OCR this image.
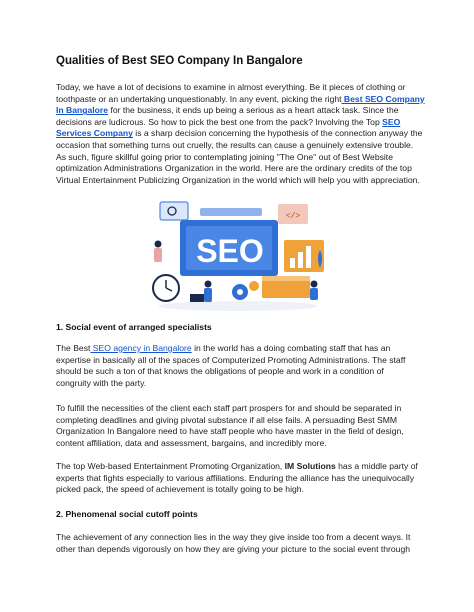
Qualities of Best SEO Company In Bangalore

Today, we have a lot of decisions to examine in almost everything. Be it pieces of clothing or
toothpaste or an undertaking unquestionably. In any event, picking the right Best SEO Company
In Bangalore for the business, it ends up being a serious as a heart attack task. Since the
decisions are ludicrous. So how to pick the best one from the pack? Involving the Top SEO
Services Company is a sharp decision concerning the hypothesis of the connection anyway the
occasion that something turns out cruelly, the results can cause a genuinely extensive trouble.
As such, figure skillful going prior to contemplating joining "The One" out of Best Website
optimization Administrations Organization in the world. Here are the ordinary credits of the top
Virtual Entertainment Publicizing Organization in the world which will help you with appreciation.

SEO
</>
1. Social event of arranged specialists

The Best SEO agency in Bangalore in the world has a doing combating staff that has an
expertise in basically all of the spaces of Computerized Promoting Administrations. The staff
should be such a ton of that knows the obligations of people and work in a condition of
congruity with the party.

To fulfill the necessities of the client each staff part prospers for and should be separated in
completing deadlines and giving pivotal substance if all else fails. A persuading Best SMM
Organization In Bangalore need to have staff people who have master in the field of design,
content affiliation, data and assessment, bargains, and incredibly more.

The top Web-based Entertainment Promoting Organization, IM Solutions has a middle party of
experts that fights especially to various affiliations. Enduring the alliance has the unequivocally
picked pack, the speed of achievement is totally going to be high.

2. Phenomenal social cutoff points

The achievement of any connection lies in the way they give inside too from a decent ways. It
other than depends vigorously on how they are giving your picture to the social event through
